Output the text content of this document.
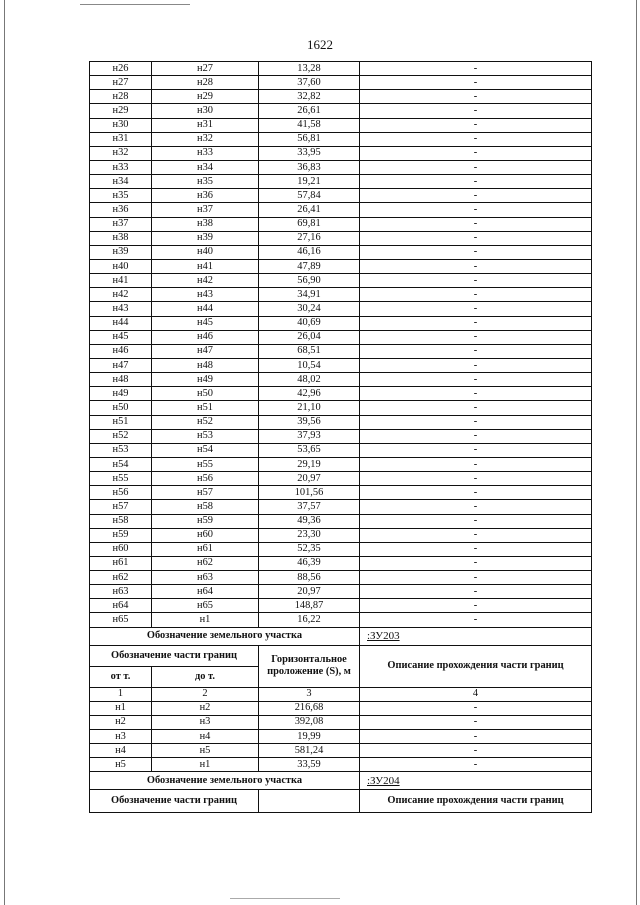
1622
н26	н27	13,28	-
н27	н28	37,60	-
н28	н29	32,82	-
н29	н30	26,61	-
н30	н31	41,58	-
н31	н32	56,81	-
н32	н33	33,95	-
н33	н34	36,83	-
н34	н35	19,21	-
н35	н36	57,84	-
н36	н37	26,41	-
н37	н38	69,81	-
н38	н39	27,16	-
н39	н40	46,16	-
н40	н41	47,89	-
н41	н42	56,90	-
н42	н43	34,91	-
н43	н44	30,24	-
н44	н45	40,69	-
н45	н46	26,04	-
н46	н47	68,51	-
н47	н48	10,54	-
н48	н49	48,02	-
н49	н50	42,96	-
н50	н51	21,10	-
н51	н52	39,56	-
н52	н53	37,93	-
н53	н54	53,65	-
н54	н55	29,19	-
н55	н56	20,97	-
н56	н57	101,56	-
н57	н58	37,57	-
н58	н59	49,36	-
н59	н60	23,30	-
н60	н61	52,35	-
н61	н62	46,39	-
н62	н63	88,56	-
н63	н64	20,97	-
н64	н65	148,87	-
н65	н1	16,22	-
Обозначение земельного участка			:ЗУ203
Обозначение части границ		Горизонтальное проложение (S), м	Описание прохождения части границ
от т.	до т.		
1	2	3	4
н1	н2	216,68	-
н2	н3	392,08	-
н3	н4	19,99	-
н4	н5	581,24	-
н5	н1	33,59	-
Обозначение земельного участка			:ЗУ204
Обозначение части границ			Описание прохождения части границ
